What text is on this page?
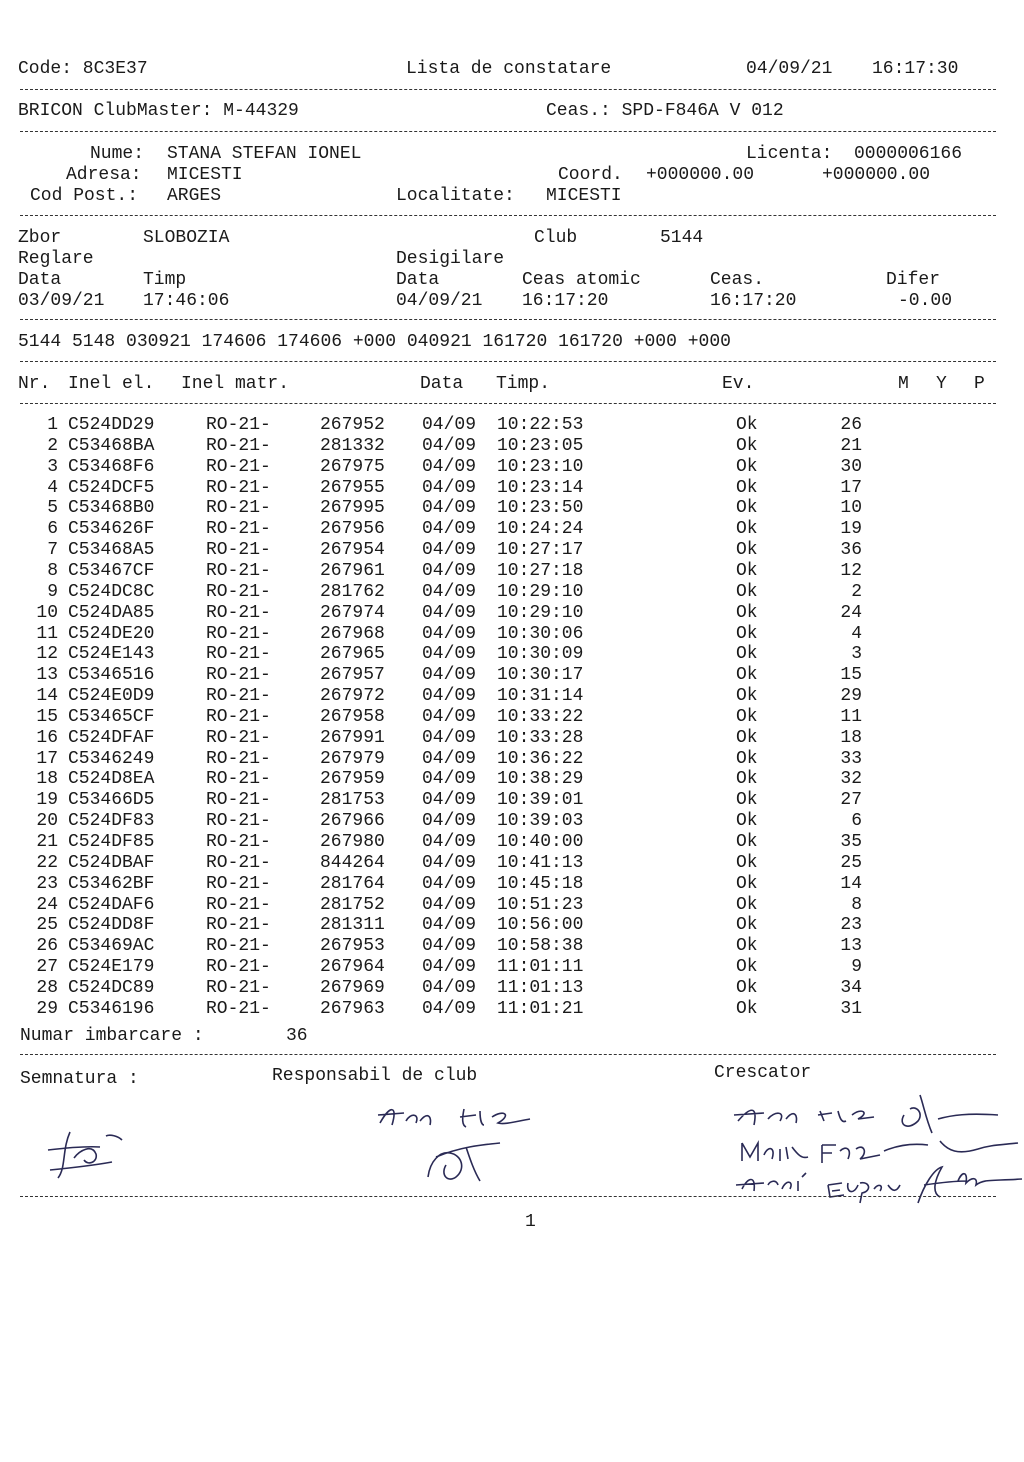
Code: 8C3E37	Lista de constatare	04/09/21 16:17:30
BRICON ClubMaster: M-44329	Ceas.: SPD-F846A V 012
Nume: STANA STEFAN IONEL	Licenta: 0000006166
Adresa: MICESTI	Coord. +000000.00	+000000.00
Cod Post.: ARGES	Localitate: MICESTI
Zbor	SLOBOZIA	Club	5144
Reglare	Desigilare
Data	Timp	Data	Ceas atomic	Ceas.	Difer
03/09/21 17:46:06	04/09/21 16:17:20	16:17:20	-0.00
5144 5148 030921 174606 174606 +000 040921 161720 161720 +000 +000
Nr. Inel el. Inel matr.	Data Timp.	Ev.	M Y P
1 C524DD29	RO-21-	267952 04/09 10:22:53	Ok	26
2 C53468BA	RO-21-	281332 04/09 10:23:05	Ok	21
3 C53468F6	RO-21-	267975 04/09 10:23:10	Ok	30
4 C524DCF5	RO-21-	267955 04/09 10:23:14	Ok	17
5 C53468B0	RO-21-	267995 04/09 10:23:50	Ok	10
6 C534626F	RO-21-	267956 04/09 10:24:24	Ok	19
7 C53468A5	RO-21-	267954 04/09 10:27:17	Ok	36
8 C53467CF	RO-21-	267961 04/09 10:27:18	Ok	12
9 C524DC8C	RO-21-	281762 04/09 10:29:10	Ok	2
10 C524DA85	RO-21-	267974 04/09 10:29:10	Ok	24
11 C524DE20	RO-21-	267968 04/09 10:30:06	Ok	4
12 C524E143	RO-21-	267965 04/09 10:30:09	Ok	3
13 C5346516	RO-21-	267957 04/09 10:30:17	Ok	15
14 C524E0D9	RO-21-	267972 04/09 10:31:14	Ok	29
15 C53465CF	RO-21-	267958 04/09 10:33:22	Ok	11
16 C524DFAF	RO-21-	267991 04/09 10:33:28	Ok	18
17 C5346249	RO-21-	267979 04/09 10:36:22	Ok	33
18 C524D8EA	RO-21-	267959 04/09 10:38:29	Ok	32
19 C53466D5	RO-21-	281753 04/09 10:39:01	Ok	27
20 C524DF83	RO-21-	267966 04/09 10:39:03	Ok	6
21 C524DF85	RO-21-	267980 04/09 10:40:00	Ok	35
22 C524DBAF	RO-21-	844264 04/09 10:41:13	Ok	25
23 C53462BF	RO-21-	281764 04/09 10:45:18	Ok	14
24 C524DAF6	RO-21-	281752 04/09 10:51:23	Ok	8
25 C524DD8F	RO-21-	281311 04/09 10:56:00	Ok	23
26 C53469AC	RO-21-	267953 04/09 10:58:38	Ok	13
27 C524E179	RO-21-	267964 04/09 11:01:11	Ok	9
28 C524DC89	RO-21-	267969 04/09 11:01:13	Ok	34
29 C5346196	RO-21-	267963 04/09 11:01:21	Ok	31
Numar imbarcare :	36
Semnatura :	Responsabil de club	Crescator
1
